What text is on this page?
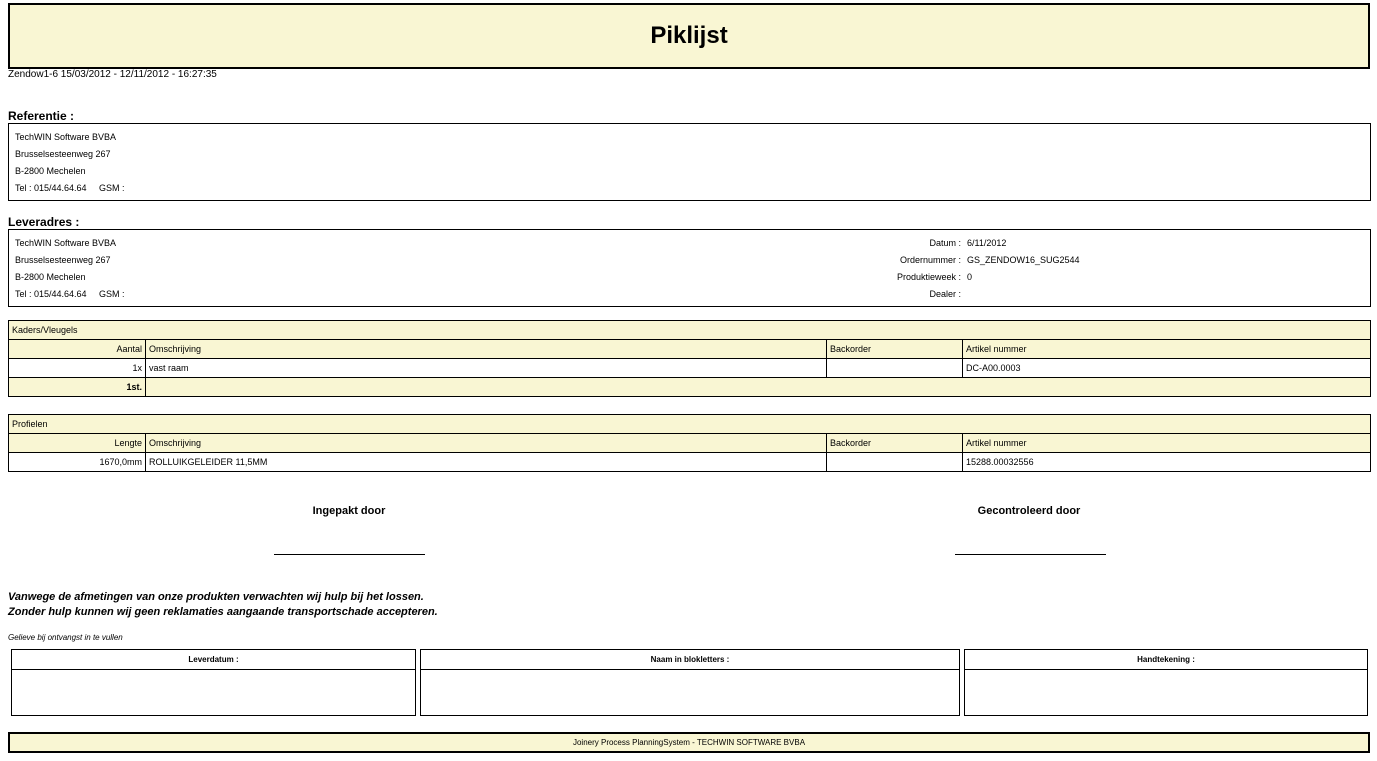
Piklijst
Zendow1-6 15/03/2012 - 12/11/2012 - 16:27:35
Referentie :
TechWIN Software BVBA
Brusselsesteenweg 267
B-2800 Mechelen
Tel : 015/44.64.64     GSM :
Leveradres :
TechWIN Software BVBA
Brusselsesteenweg 267
B-2800 Mechelen
Tel : 015/44.64.64     GSM :
Datum : 6/11/2012
Ordernummer : GS_ZENDOW16_SUG2544
Produktieweek : 0
Dealer :
Kaders/Vleugels			
Aantal	Omschrijving	Backorder	Artikel nummer
1x	vast raam		DC-A00.0003
1st.			
Profielen			
Lengte	Omschrijving	Backorder	Artikel nummer
1670,0mm	ROLLUIKGELEIDER 11,5MM		15288.00032556
Ingepakt door	Gecontroleerd door
Vanwege de afmetingen van onze produkten verwachten wij hulp bij het lossen.
Zonder hulp kunnen wij geen reklamaties aangaande transportschade accepteren.
Gelieve bij ontvangst in te vullen
Leverdatum :	Naam in blokletters :	Handtekening :
Joinery Process PlanningSystem - TECHWIN SOFTWARE BVBA
